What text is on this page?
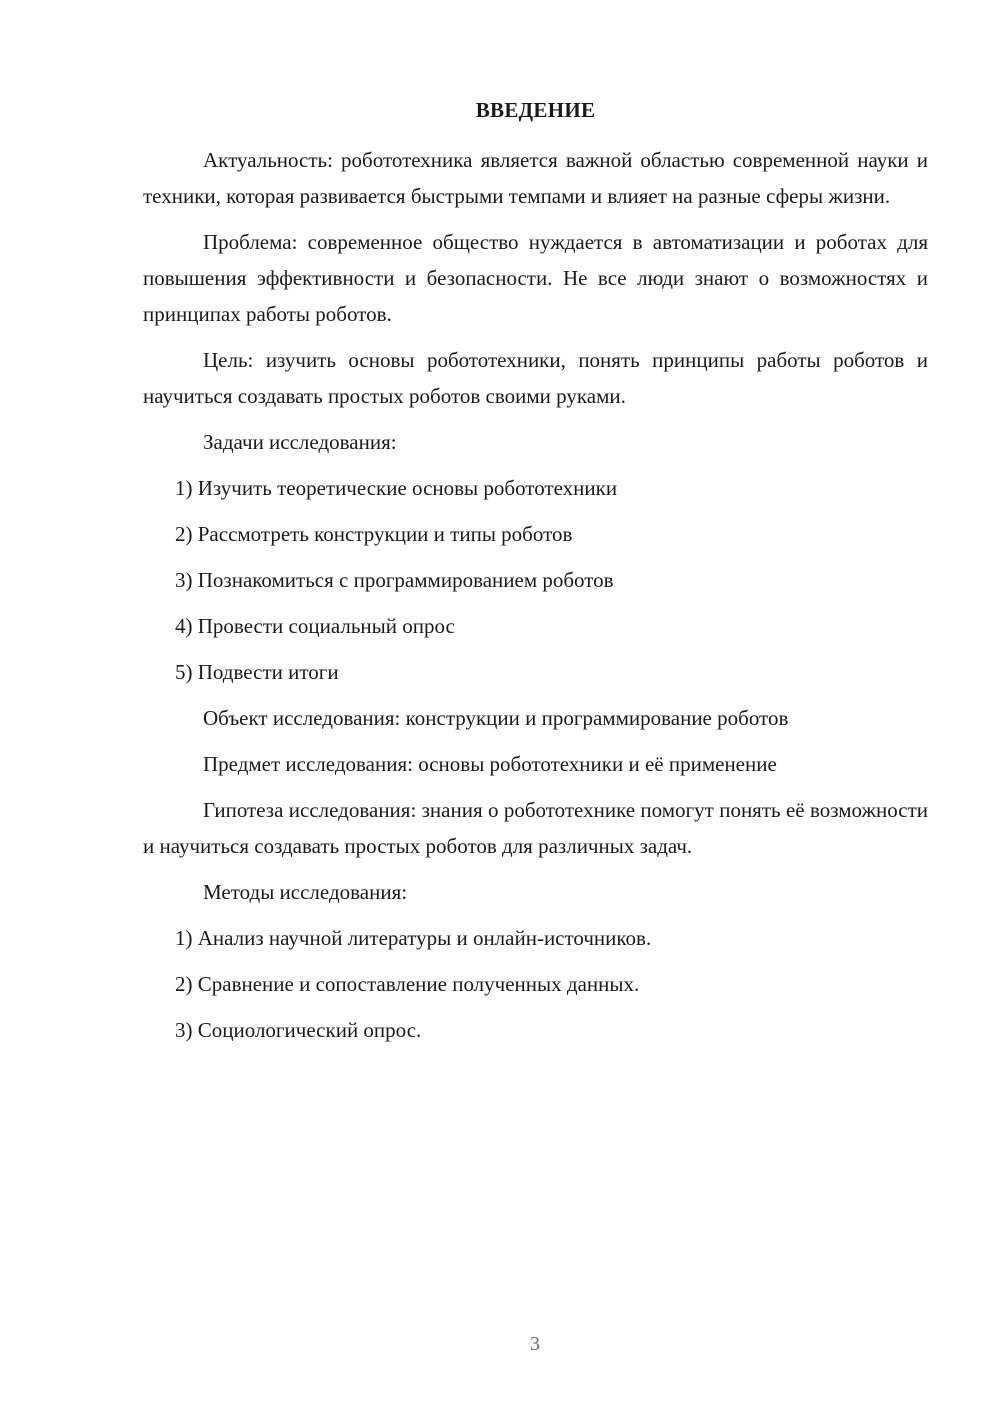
ВВЕДЕНИЕ

Актуальность: робототехника является важной областью современной науки и техники, которая развивается быстрыми темпами и влияет на разные сферы жизни.

Проблема: современное общество нуждается в автоматизации и роботах для повышения эффективности и безопасности. Не все люди знают о возможностях и принципах работы роботов.

Цель: изучить основы робототехники, понять принципы работы роботов и научиться создавать простых роботов своими руками.

Задачи исследования:
1) Изучить теоретические основы робототехники
2) Рассмотреть конструкции и типы роботов
3) Познакомиться с программированием роботов
4) Провести социальный опрос
5) Подвести итоги
Объект исследования: конструкции и программирование роботов
Предмет исследования: основы робототехники и её применение

Гипотеза исследования: знания о робототехнике помогут понять её возможности и научиться создавать простых роботов для различных задач.

Методы исследования:
1) Анализ научной литературы и онлайн-источников.
2) Сравнение и сопоставление полученных данных.
3) Социологический опрос.
3
